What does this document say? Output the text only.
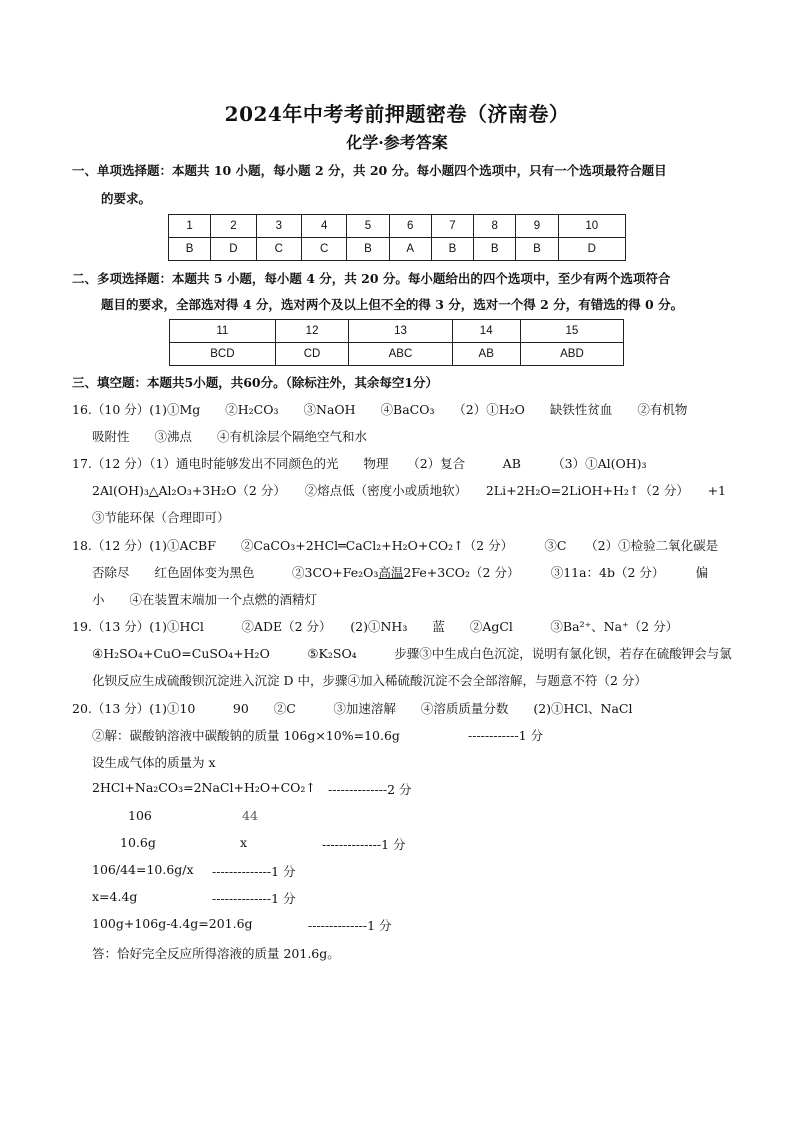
2024年中考考前押题密卷（济南卷）
化学·参考答案
一、单项选择题：本题共 10 小题，每小题 2 分，共 20 分。每小题四个选项中，只有一个选项最符合题目
的要求。
1	2	3	4	5	6	7	8	9	10
B	D	C	C	B	A	B	B	B	D
二、多项选择题：本题共 5 小题，每小题 4 分，共 20 分。每小题给出的四个选项中，至少有两个选项符合
题目的要求，全部选对得 4 分，选对两个及以上但不全的得 3 分，选对一个得 2 分，有错选的得 0 分。
11	12	13	14	15
BCD	CD	ABC	AB	ABD
三、填空题：本题共5小题，共60分。（除标注外，其余每空1分）
16.（10 分）(1)①Mg　　②H₂CO₃　　③NaOH　　④BaCO₃　　（2）①H₂O　　缺铁性贫血　　②有机物
吸附性　　③沸点　　④有机涂层个隔绝空气和水
17.（12 分）（1）通电时能够发出不同颜色的光　　物理　　（2）复合　　　AB　　　（3）①Al(OH)₃
2Al(OH)₃△Al₂O₃+3H₂O（2 分）　　②熔点低（密度小或质地软）　　2Li+2H₂O=2LiOH+H₂↑（2 分）　　+1
③节能环保（合理即可）
18.（12 分）(1)①ACBF　　②CaCO₃+2HCl═CaCl₂+H₂O+CO₂↑（2 分）　　　③C　　（2）①检验二氧化碳是
否除尽　　红色固体变为黑色　　　②3CO+Fe₂O₃高温2Fe+3CO₂（2 分）　　　③11a：4b（2 分）　　　偏
小　　④在装置末端加一个点燃的酒精灯
19.（13 分）(1)①HCl　　　②ADE（2 分）　　(2)①NH₃　　蓝　　②AgCl　　　③Ba²⁺、Na⁺（2 分）
④H₂SO₄+CuO=CuSO₄+H₂O　　　⑤K₂SO₄　　　步骤③中生成白色沉淀，说明有氯化钡，若存在硫酸钾会与氯
化钡反应生成硫酸钡沉淀进入沉淀 D 中，步骤④加入稀硫酸沉淀不会全部溶解，与题意不符（2 分）
20.（13 分）(1)①10　　　90　　②C　　　③加速溶解　　④溶质质量分数　　(2)①HCl、NaCl
②解：碳酸钠溶液中碳酸钠的质量 106g×10%=10.6g	------------1 分
设生成气体的质量为 x
2HCl+Na₂CO₃=2NaCl+H₂O+CO₂↑ --------------2 分
106	44
10.6g	x	--------------1 分
106/44=10.6g/x --------------1 分
x=4.4g	--------------1 分
100g+106g-4.4g=201.6g	--------------1 分
答：恰好完全反应所得溶液的质量 201.6g。
